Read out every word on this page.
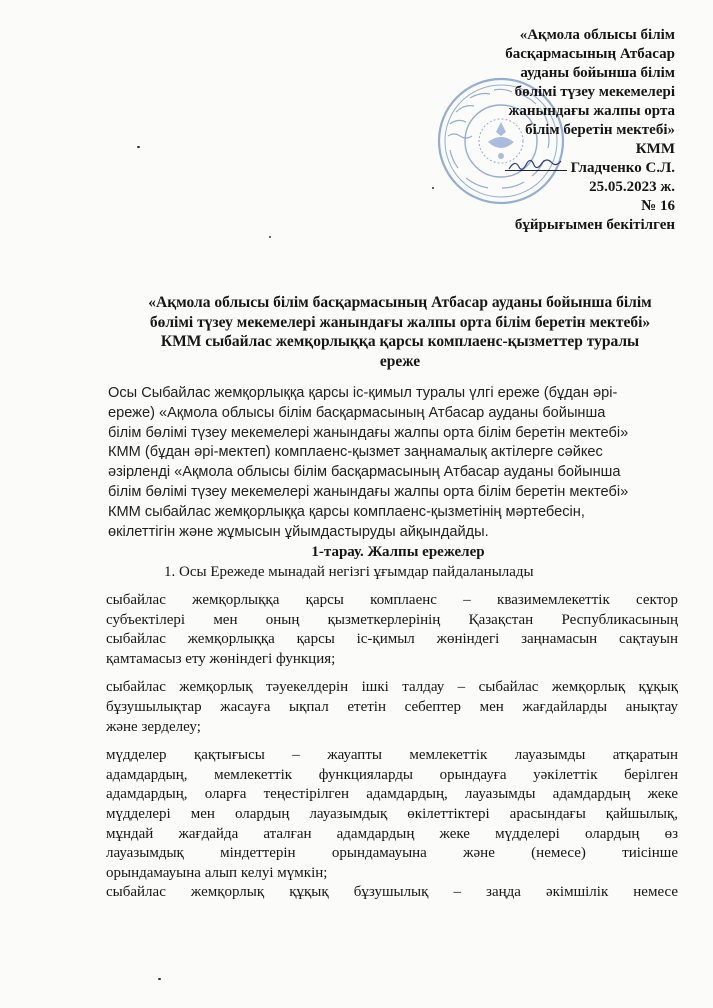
«Ақмола облысы білім
басқармасының Атбасар
ауданы бойынша білім
бөлімі түзеу мекемелері
жанындағы жалпы орта
білім беретін мектебі»
КММ
Гладченко С.Л.
25.05.2023 ж.
№ 16
бұйрығымен бекітілген
«Ақмола облысы білім басқармасының Атбасар ауданы бойынша білім
бөлімі түзеу мекемелері жанындағы жалпы орта білім беретін мектебі»
КММ сыбайлас жемқорлыққа қарсы комплаенс-қызметтер туралы
ереже
Осы Сыбайлас жемқорлыққа қарсы іс-қимыл туралы үлгі ереже (бұдан әрі-
ереже) «Ақмола облысы білім басқармасының Атбасар ауданы бойынша
білім бөлімі түзеу мекемелері жанындағы жалпы орта білім беретін мектебі»
КММ (бұдан әрі-мектеп) комплаенс-қызмет заңнамалық актілерге сәйкес
әзірленді «Ақмола облысы білім басқармасының Атбасар ауданы бойынша
білім бөлімі түзеу мекемелері жанындағы жалпы орта білім беретін мектебі»
КММ сыбайлас жемқорлыққа қарсы комплаенс-қызметінің мәртебесін,
өкілеттігін және жұмысын ұйымдастыруды айқындайды.
1-тарау. Жалпы ережелер
1. Осы Ережеде мынадай негізгі ұғымдар пайдаланылады

сыбайлас жемқорлыққа қарсы комплаенс – квазимемлекеттік сектор
субъектілері мен оның қызметкерлерінің Қазақстан Республикасының
сыбайлас жемқорлыққа қарсы іс-қимыл жөніндегі заңнамасын сақтауын
қамтамасыз ету жөніндегі функция;

сыбайлас жемқорлық тәуекелдерін ішкі талдау – сыбайлас жемқорлық құқық
бұзушылықтар жасауға ықпал ететін себептер мен жағдайларды анықтау
және зерделеу;

мүдделер қақтығысы – жауапты мемлекеттік лауазымды атқаратын
адамдардың, мемлекеттік функцияларды орындауға уәкілеттік берілген
адамдардың, оларға теңестірілген адамдардың, лауазымды адамдардың жеке
мүдделері мен олардың лауазымдық өкілеттіктері арасындағы қайшылық,
мұндай жағдайда аталған адамдардың жеке мүдделері олардың өз
лауазымдық міндеттерін орындамауына және (немесе) тиісінше
орындамауына алып келуі мүмкін;

сыбайлас жемқорлық құқық бұзушылық – заңда әкімшілік немесе
